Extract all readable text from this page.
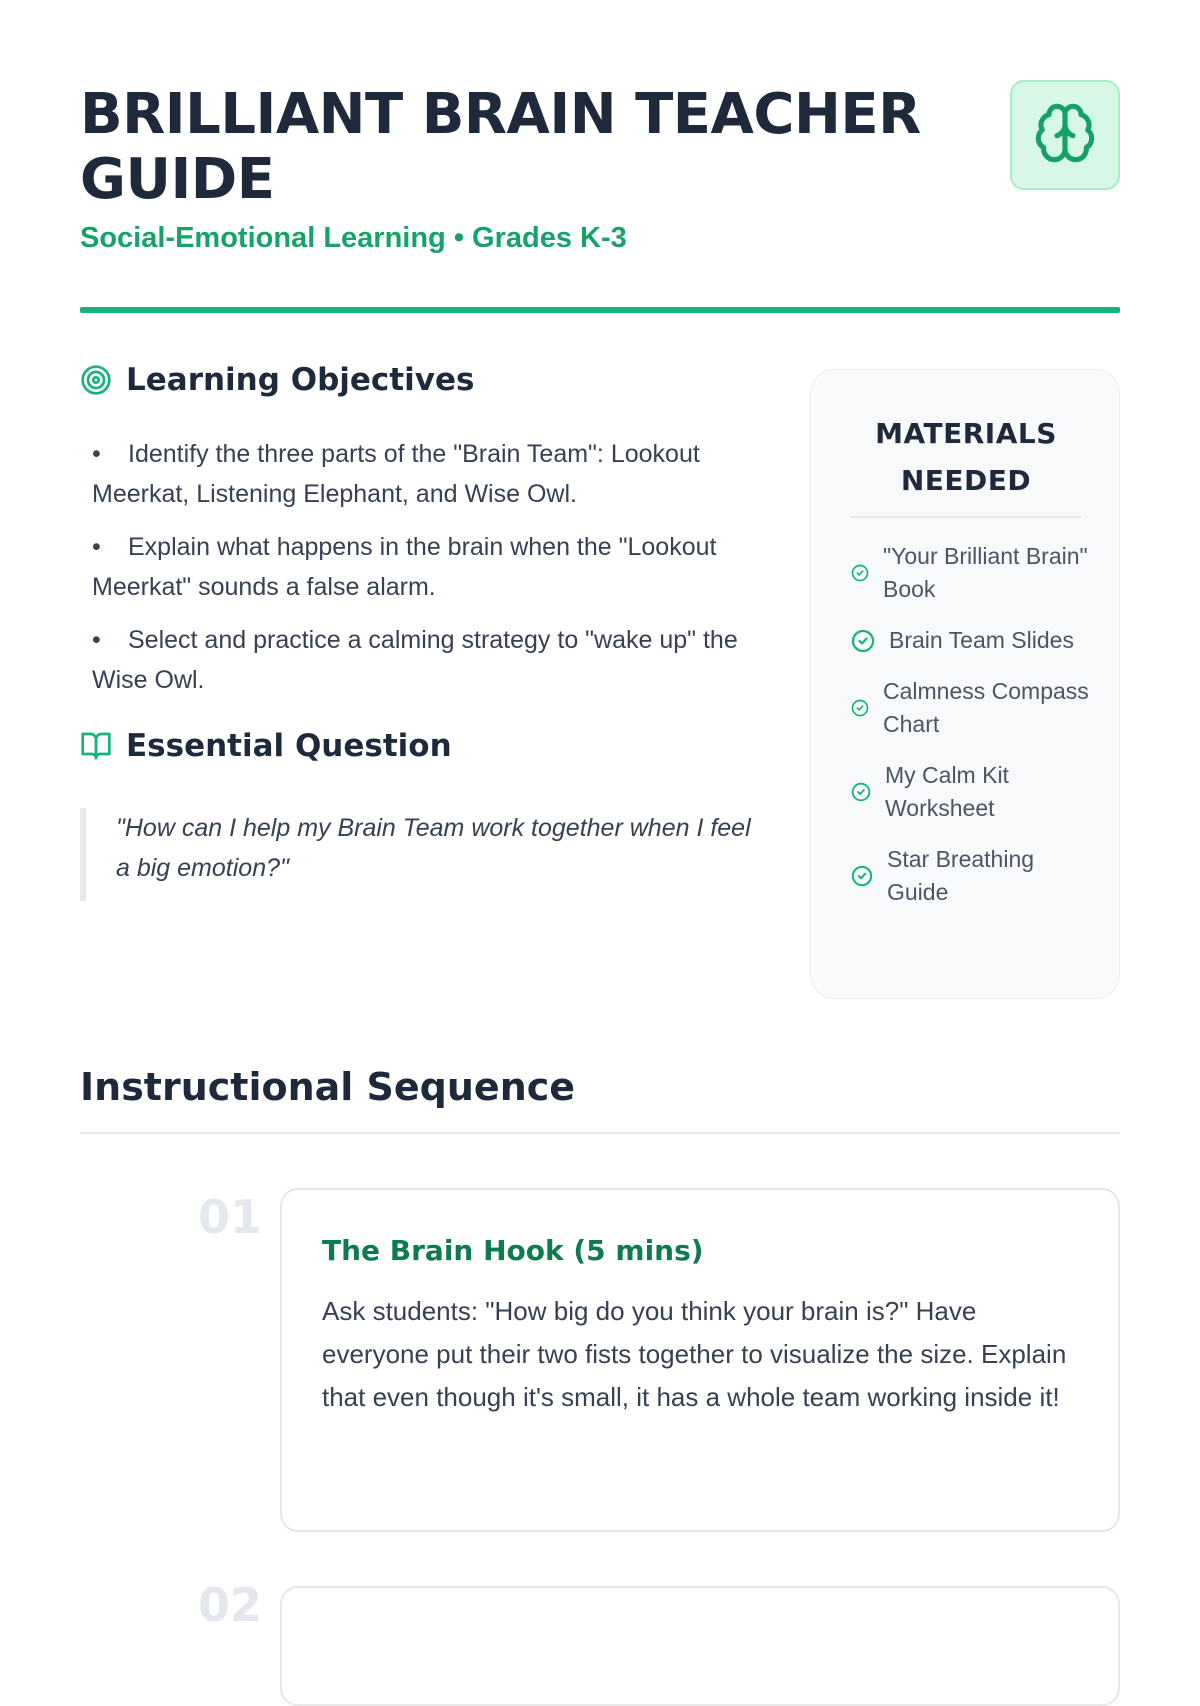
BRILLIANT BRAIN TEACHER GUIDE
Social-Emotional Learning • Grades K-3
Learning Objectives
• Identify the three parts of the "Brain Team": Lookout Meerkat, Listening Elephant, and Wise Owl.
• Explain what happens in the brain when the "Lookout Meerkat" sounds a false alarm.
• Select and practice a calming strategy to "wake up" the Wise Owl.
Essential Question
"How can I help my Brain Team work together when I feel a big emotion?"
MATERIALS NEEDED
"Your Brilliant Brain" Book
Brain Team Slides
Calmness Compass Chart
My Calm Kit Worksheet
Star Breathing Guide
Instructional Sequence
01
The Brain Hook (5 mins)

Ask students: "How big do you think your brain is?" Have everyone put their two fists together to visualize the size. Explain that even though it's small, it has a whole team working inside it!

02
